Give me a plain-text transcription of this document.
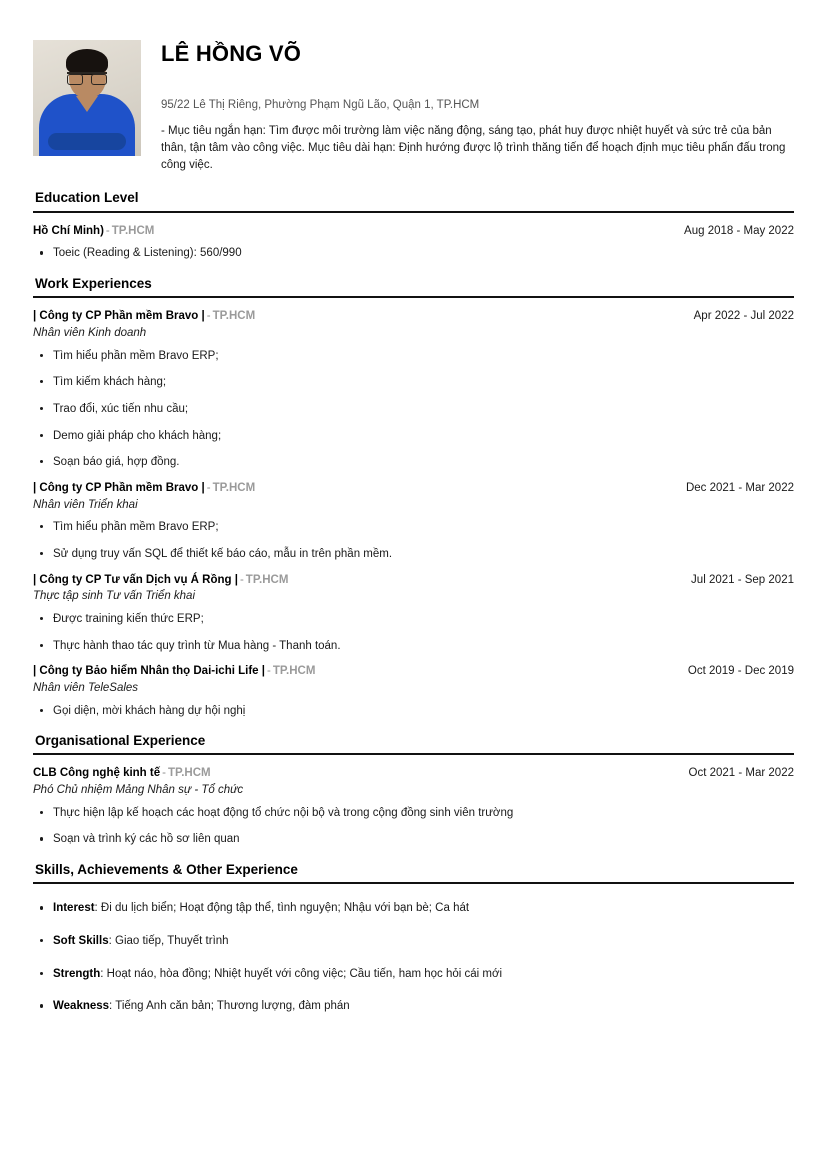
LÊ HỒNG VÕ
95/22 Lê Thị Riêng, Phường Phạm Ngũ Lão, Quận 1, TP.HCM

- Mục tiêu ngắn hạn: Tìm được môi trường làm việc năng động, sáng tạo, phát huy được nhiệt huyết và sức trẻ của bản thân, tận tâm vào công việc. Mục tiêu dài hạn: Định hướng được lộ trình thăng tiến để hoạch định mục tiêu phấn đấu trong công việc.

Education Level
Hồ Chí Minh) - TP.HCM	Aug 2018 - May 2022
Toeic (Reading & Listening): 560/990
Work Experiences
| Công ty CP Phần mềm Bravo | - TP.HCM	Apr 2022 - Jul 2022
Nhân viên Kinh doanh
Tìm hiểu phần mềm Bravo ERP;
Tìm kiếm khách hàng;
Trao đổi, xúc tiến nhu cầu;
Demo giải pháp cho khách hàng;
Soạn báo giá, hợp đồng.
| Công ty CP Phần mềm Bravo | - TP.HCM	Dec 2021 - Mar 2022
Nhân viên Triển khai
Tìm hiểu phần mềm Bravo ERP;
Sử dụng truy vấn SQL để thiết kế báo cáo, mẫu in trên phần mềm.
| Công ty CP Tư vấn Dịch vụ Á Rồng | - TP.HCM	Jul 2021 - Sep 2021
Thực tập sinh Tư vấn Triển khai
Được training kiến thức ERP;
Thực hành thao tác quy trình từ Mua hàng - Thanh toán.
| Công ty Bảo hiểm Nhân thọ Dai-ichi Life | - TP.HCM	Oct 2019 - Dec 2019
Nhân viên TeleSales
Gọi diện, mời khách hàng dự hội nghị
Organisational Experience
CLB Công nghệ kinh tế - TP.HCM	Oct 2021 - Mar 2022
Phó Chủ nhiệm Mảng Nhân sự - Tổ chức
Thực hiện lập kế hoạch các hoạt động tổ chức nội bộ và trong cộng đồng sinh viên trường
Soạn và trình ký các hồ sơ liên quan
Skills, Achievements & Other Experience
Interest: Đi du lịch biển; Hoạt động tập thể, tình nguyện; Nhậu với bạn bè; Ca hát
Soft Skills: Giao tiếp, Thuyết trình
Strength: Hoạt náo, hòa đồng; Nhiệt huyết với công việc; Cầu tiến, ham học hỏi cái mới
Weakness: Tiếng Anh căn bản; Thương lượng, đàm phán
